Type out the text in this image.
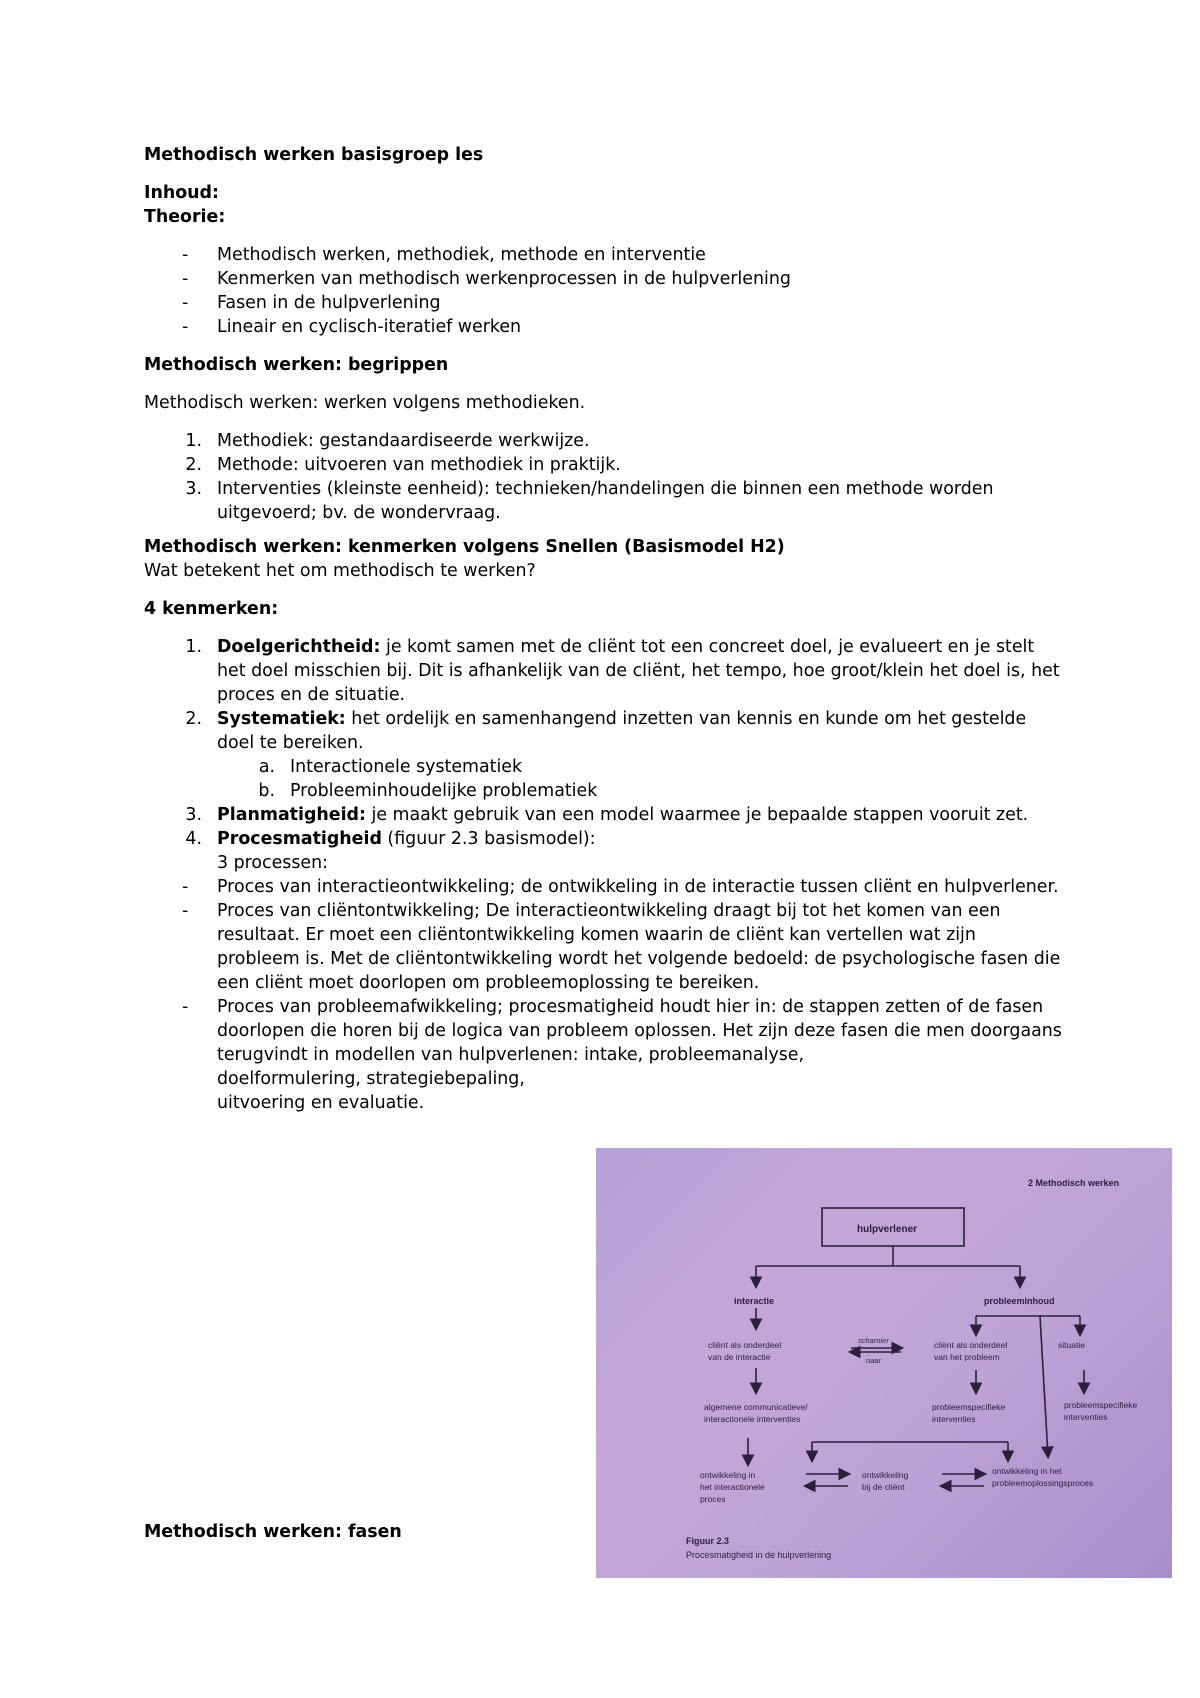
Methodisch werken basisgroep les

Inhoud:

Theorie:

-	Methodisch werken, methodiek, methode en interventie
-	Kenmerken van methodisch werkenprocessen in de hulpverlening
-	Fasen in de hulpverlening
-	Lineair en cyclisch-iteratief werken

Methodisch werken: begrippen

Methodisch werken: werken volgens methodieken.

1. Methodiek: gestandaardiseerde werkwijze.
2. Methode: uitvoeren van methodiek in praktijk.
3. Interventies (kleinste eenheid): technieken/handelingen die binnen een methode worden uitgevoerd; bv. de wondervraag.

Methodisch werken: kenmerken volgens Snellen (Basismodel H2)

Wat betekent het om methodisch te werken?

4 kenmerken:

1. Doelgerichtheid: je komt samen met de cliënt tot een concreet doel, je evalueert en je stelt het doel misschien bij. Dit is afhankelijk van de cliënt, het tempo, hoe groot/klein het doel is, het proces en de situatie.
2. Systematiek: het ordelijk en samenhangend inzetten van kennis en kunde om het gestelde doel te bereiken.
a. Interactionele systematiek
b. Probleeminhoudelijke problematiek
3. Planmatigheid: je maakt gebruik van een model waarmee je bepaalde stappen vooruit zet.
4. Procesmatigheid (figuur 2.3 basismodel):
3 processen:
-	Proces van interactieontwikkeling; de ontwikkeling in de interactie tussen cliënt en hulpverlener.
-	Proces van cliëntontwikkeling; De interactieontwikkeling draagt bij tot het komen van een resultaat. Er moet een cliëntontwikkeling komen waarin de cliënt kan vertellen wat zijn probleem is. Met de cliëntontwikkeling wordt het volgende bedoeld: de psychologische fasen die een cliënt moet doorlopen om probleemoplossing te bereiken.
-	Proces van probleemafwikkeling; procesmatigheid houdt hier in: de stappen zetten of de fasen doorlopen die horen bij de logica van probleem oplossen. Het zijn deze fasen die men doorgaans terugvindt in modellen van hulpverlenen: intake, probleemanalyse,
doelformulering, strategiebepaling,
uitvoering en evaluatie.

Methodisch werken: fasen

2 Methodisch werken
hulpverlener
interactie	probleeminhoud
cliënt als onderdeel
van de interactie
scharnier
naar
cliënt als onderdeel
van het probleem
situatie
algemene communicatieve/
interactionele interventies
probleemspecifieke
interventies
probleemspecifieke
interventies
ontwikkeling in
het interactionele
proces
ontwikkeling
bij de cliënt
ontwikkeling in het
probleemoplossingsproces
Figuur 2.3
Procesmatigheid in de hulpverlening
